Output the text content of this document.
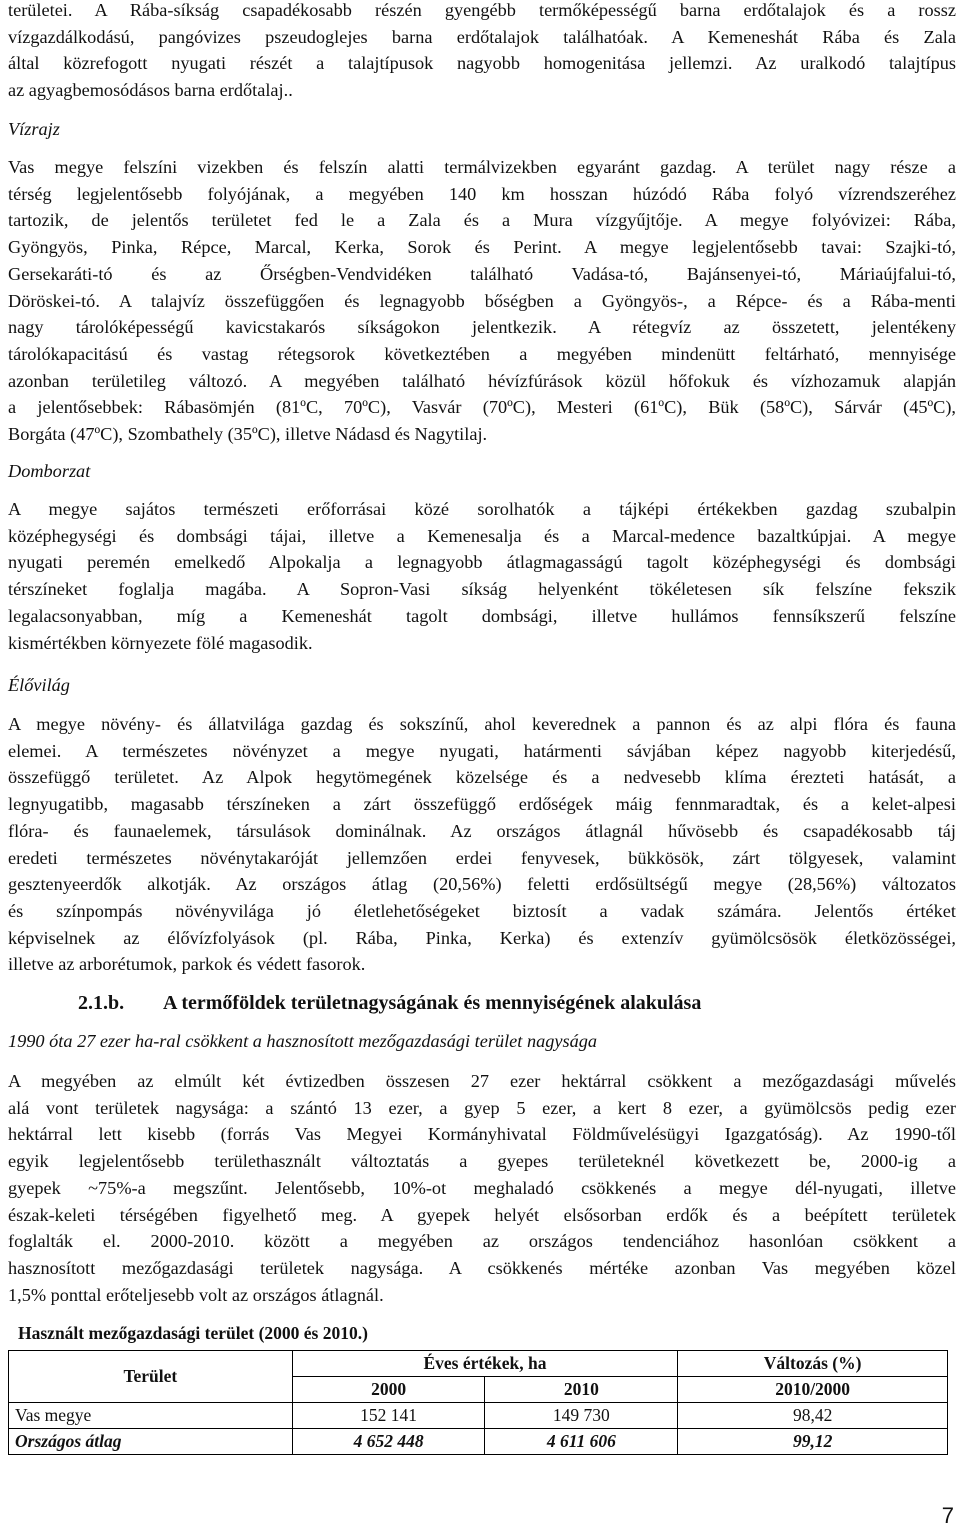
területei. A Rába-síkság csapadékosabb részén gyengébb termőképességű barna erdőtalajok és a rossz

vízgazdálkodású, pangóvizes pszeudoglejes barna erdőtalajok találhatóak. A Kemeneshát Rába és Zala

által közrefogott nyugati részét a talajtípusok nagyobb homogenitása jellemzi. Az uralkodó talajtípus

az agyagbemosódásos barna erdőtalaj..

Vízrajz

Vas megye felszíni vizekben és felszín alatti termálvizekben egyaránt gazdag. A terület nagy része a

térség legjelentősebb folyójának, a megyében 140 km hosszan húzódó Rába folyó vízrendszeréhez

tartozik, de jelentős területet fed le a Zala és a Mura vízgyűjtője. A megye folyóvizei: Rába,

Gyöngyös, Pinka, Répce, Marcal, Kerka, Sorok és Perint. A megye legjelentősebb tavai: Szajki-tó,

Gersekaráti-tó és az Őrségben-Vendvidéken található Vadása-tó, Bajánsenyei-tó, Máriaújfalui-tó,

Döröskei-tó. A talajvíz összefüggően és legnagyobb bőségben a Gyöngyös-, a Répce- és a Rába-menti

nagy tárolóképességű kavicstakarós síkságokon jelentkezik. A rétegvíz az összetett, jelentékeny

tárolókapacitású és vastag rétegsorok következtében a megyében mindenütt feltárható, mennyisége

azonban területileg változó. A megyében található hévízfúrások közül hőfokuk és vízhozamuk alapján

a jelentősebbek: Rábasömjén (81ºC, 70ºC), Vasvár (70ºC), Mesteri (61ºC), Bük (58ºC), Sárvár (45ºC),

Borgáta (47ºC), Szombathely (35ºC), illetve Nádasd és Nagytilaj.

Domborzat

A megye sajátos természeti erőforrásai közé sorolhatók a tájképi értékekben gazdag szubalpin

középhegységi és dombsági tájai, illetve a Kemenesalja és a Marcal-medence bazaltkúpjai. A megye

nyugati peremén emelkedő Alpokalja a legnagyobb átlagmagasságú tagolt középhegységi és dombsági

térszíneket foglalja magába. A Sopron-Vasi síkság helyenként tökéletesen sík felszíne fekszik

legalacsonyabban, míg a Kemeneshát tagolt dombsági, illetve hullámos fennsíkszerű felszíne

kismértékben környezete fölé magasodik.

Élővilág

A megye növény- és állatvilága gazdag és sokszínű, ahol keverednek a pannon és az alpi flóra és fauna

elemei. A természetes növényzet a megye nyugati, határmenti sávjában képez nagyobb kiterjedésű,

összefüggő területet. Az Alpok hegytömegének közelsége és a nedvesebb klíma érezteti hatását, a

legnyugatibb, magasabb térszíneken a zárt összefüggő erdőségek máig fennmaradtak, és a kelet-alpesi

flóra- és faunaelemek, társulások dominálnak. Az országos átlagnál hűvösebb és csapadékosabb táj

eredeti természetes növénytakaróját jellemzően erdei fenyvesek, bükkösök, zárt tölgyesek, valamint

gesztenyeerdők alkotják. Az országos átlag (20,56%) feletti erdősültségű megye (28,56%) változatos

és színpompás növényvilága jó életlehetőségeket biztosít a vadak számára. Jelentős értéket

képviselnek az élővízfolyások (pl. Rába, Pinka, Kerka) és extenzív gyümölcsösök életközösségei,

illetve az arborétumok, parkok és védett fasorok.

2.1.b. A termőföldek területnagyságának és mennyiségének alakulása

1990 óta 27 ezer ha-ral csökkent a hasznosított mezőgazdasági terület nagysága

A megyében az elmúlt két évtizedben összesen 27 ezer hektárral csökkent a mezőgazdasági művelés

alá vont területek nagysága: a szántó 13 ezer, a gyep 5 ezer, a kert 8 ezer, a gyümölcsös pedig ezer

hektárral lett kisebb (forrás Vas Megyei Kormányhivatal Földművelésügyi Igazgatóság). Az 1990-től

egyik legjelentősebb területhasznált változtatás a gyepes területeknél következett be, 2000-ig a

gyepek ~75%-a megszűnt. Jelentősebb, 10%-ot meghaladó csökkenés a megye dél-nyugati, illetve

észak-keleti térségében figyelhető meg. A gyepek helyét elsősorban erdők és a beépített területek

foglalták el. 2000-2010. között a megyében az országos tendenciához hasonlóan csökkent a

hasznosított mezőgazdasági területek nagysága. A csökkenés mértéke azonban Vas megyében közel

1,5% ponttal erőteljesebb volt az országos átlagnál.

Használt mezőgazdasági terület (2000 és 2010.)
Terület	Éves értékek, ha		Változás (%)
	2000	2010	2010/2000
Vas megye	152 141	149 730	98,42
Országos átlag	4 652 448	4 611 606	99,12
7
